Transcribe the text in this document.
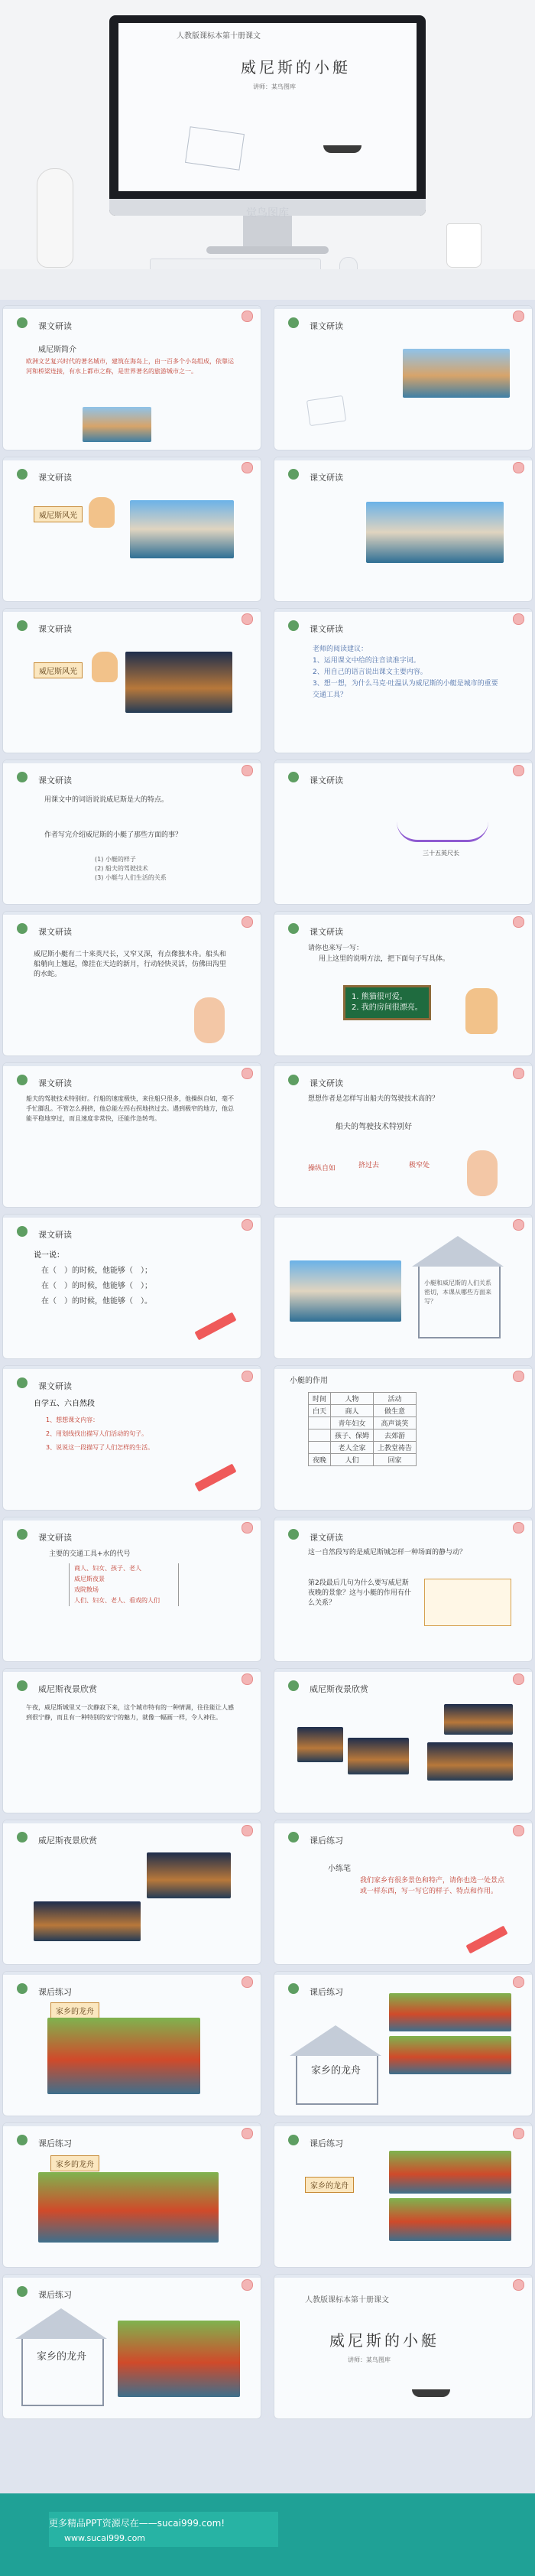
人教版课标本第十册课文
威尼斯的小艇
讲师：某鸟图库
觉鸟图库
课文研读
威尼斯简介
欧洲文艺复兴时代的著名城市，建筑在海岛上，由一百多个小岛组成，依靠运河和桥梁连接，有水上都市之称，是世界著名的旅游城市之一。
课文研读
课文研读
威尼斯风光
课文研读
课文研读
威尼斯风光
课文研读
老师的阅读建议：
1、运用课文中给的注音读准字词。
2、用自己的语言说出课文主要内容。
3、想一想，为什么马克·吐温认为威尼斯的小艇是城市的重要交通工具？
课文研读
用课文中的词语说说威尼斯是大的特点。
作者写完介绍威尼斯的小艇了那些方面的事？
(1) 小艇的样子
(2) 船夫的驾驶技术
(3) 小艇与人们生活的关系
课文研读
三十五英尺长
课文研读
威尼斯小艇有二十来英尺长，又窄又深，有点像独木舟。船头和船艄向上翘起，像挂在天边的新月，行动轻快灵活，仿佛田沟里的水蛇。
课文研读
请你也来写一写：
用上这里的说明方法，把下面句子写具体。
1. 熊猫很可爱。
2. 我的房间很漂亮。
课文研读
船夫的驾驶技术特别好。行船的速度极快，来往船只很多，他操纵自如，毫不手忙脚乱。不管怎么拥挤，他总能左拐右拐地挤过去。遇到极窄的地方，他总能平稳地穿过，而且速度非常快，还能作急转弯。
课文研读
想想作者是怎样写出船夫的驾驶技术高的？
船夫的驾驶技术特别好
操纵自如	挤过去	极窄处
课文研读
说一说：
在（　）的时候，他能够（　）；
在（　）的时候，他能够（　）；
在（　）的时候，他能够（　）。
小艇和威尼斯的人们关系密切，本课从哪些方面来写？
课文研读
自学五、六自然段
1、想想课文内容：
2、用划线找出描写人们活动的句子。
3、说说这一段描写了人们怎样的生活。
小艇的作用
时间	人物	活动
白天	商人	做生意
	青年妇女	高声谈笑
	孩子、保姆	去郊游
	老人全家	上教堂祷告
夜晚	人们	回家
课文研读
主要的交通工具+水的代号
商人、妇女、孩子、老人
威尼斯夜景
戏院散场
人们、妇女、老人、看戏的人们
课文研读
这一自然段写的是威尼斯城怎样一种场面的静与动？
第2段最后几句为什么要写威尼斯夜晚的景象？这与小艇的作用有什么关系？
威尼斯夜景欣赏
午夜，威尼斯城里又一次静寂下来，这个城市特有的一种情调，往往能让人感到很宁静，而且有一种特别的安宁的魅力，就像一幅画一样，令人神往。
威尼斯夜景欣赏
威尼斯夜景欣赏	课后练习
小练笔
我们家乡有很多景色和特产，请你也选一处景点或一样东西，写一写它的样子、特点和作用。
课后练习
家乡的龙舟
课后练习
家乡的龙舟
课后练习
家乡的龙舟
课后练习
家乡的龙舟
课后练习
家乡的龙舟
人教版课标本第十册课文
威尼斯的小艇
讲师：某鸟图库
更多精品PPT资源尽在——sucai999.com!
www.sucai999.com
